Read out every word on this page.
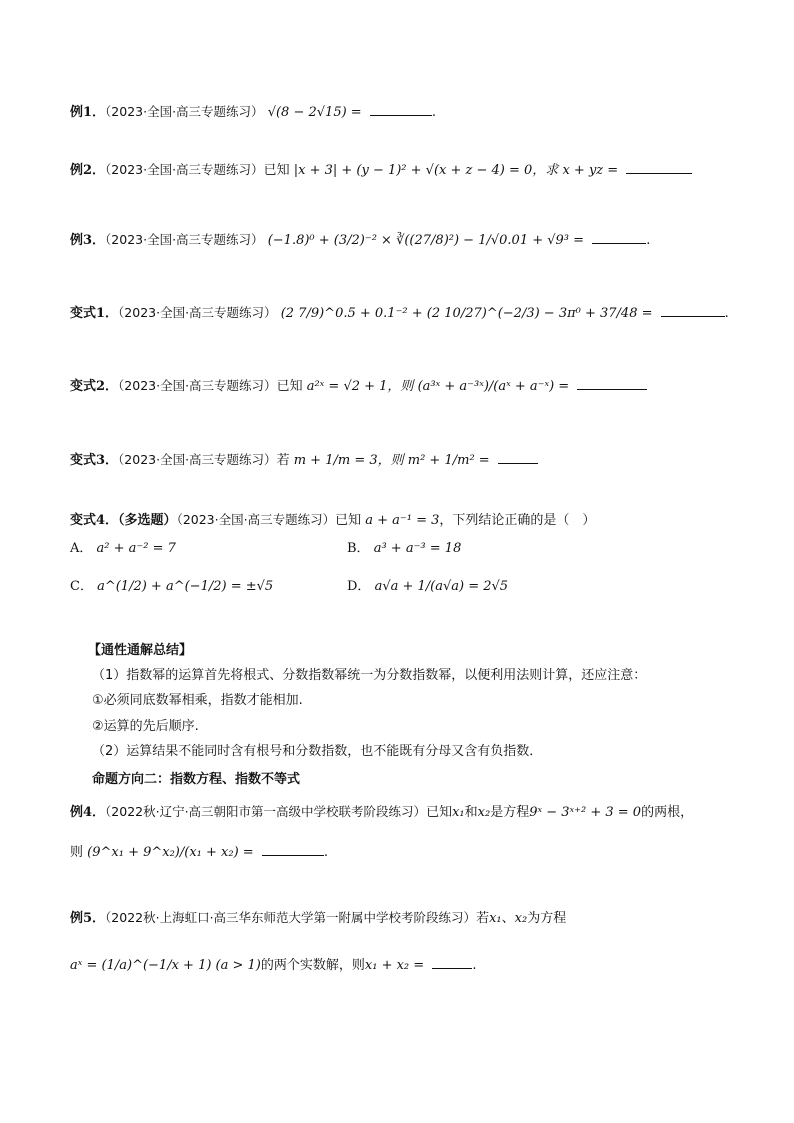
例1．（2023·全国·高三专题练习） √(8 − 2√15) =	.
例2．（2023·全国·高三专题练习）已知 |x + 3| + (y − 1)² + √(x + z − 4) = 0，求 x + yz =
例3．（2023·全国·高三专题练习） (−1.8)⁰ + (3/2)⁻² × ∛((27/8)²) − 1/√0.01 + √9³ =	.
变式1．（2023·全国·高三专题练习） (2 7/9)^0.5 + 0.1⁻² + (2 10/27)^(−2/3) − 3π⁰ + 37/48 =	.
变式2．（2023·全国·高三专题练习）已知 a²ˣ = √2 + 1，则 (a³ˣ + a⁻³ˣ)/(aˣ + a⁻ˣ) =
变式3．（2023·全国·高三专题练习）若 m + 1/m = 3，则 m² + 1/m² =
变式4．（多选题）（2023·全国·高三专题练习）已知 a + a⁻¹ = 3，下列结论正确的是（　）
A． a² + a⁻² = 7	B． a³ + a⁻³ = 18
C． a^(1/2) + a^(−1/2) = ±√5	D． a√a + 1/(a√a) = 2√5
【通性通解总结】
（1）指数幂的运算首先将根式、分数指数幂统一为分数指数幂，以便利用法则计算，还应注意：
①必须同底数幂相乘，指数才能相加.
②运算的先后顺序.
（2）运算结果不能同时含有根号和分数指数，也不能既有分母又含有负指数．
命题方向二：指数方程、指数不等式
例4．（2022秋·辽宁·高三朝阳市第一高级中学校联考阶段练习）已知x₁和x₂是方程9ˣ − 3ˣ⁺² + 3 = 0的两根，
则 (9^x₁ + 9^x₂)/(x₁ + x₂) =	.
例5．（2022秋·上海虹口·高三华东师范大学第一附属中学校考阶段练习）若x₁、x₂为方程
aˣ = (1/a)^(−1/x + 1) (a > 1)的两个实数解，则x₁ + x₂ =	.
